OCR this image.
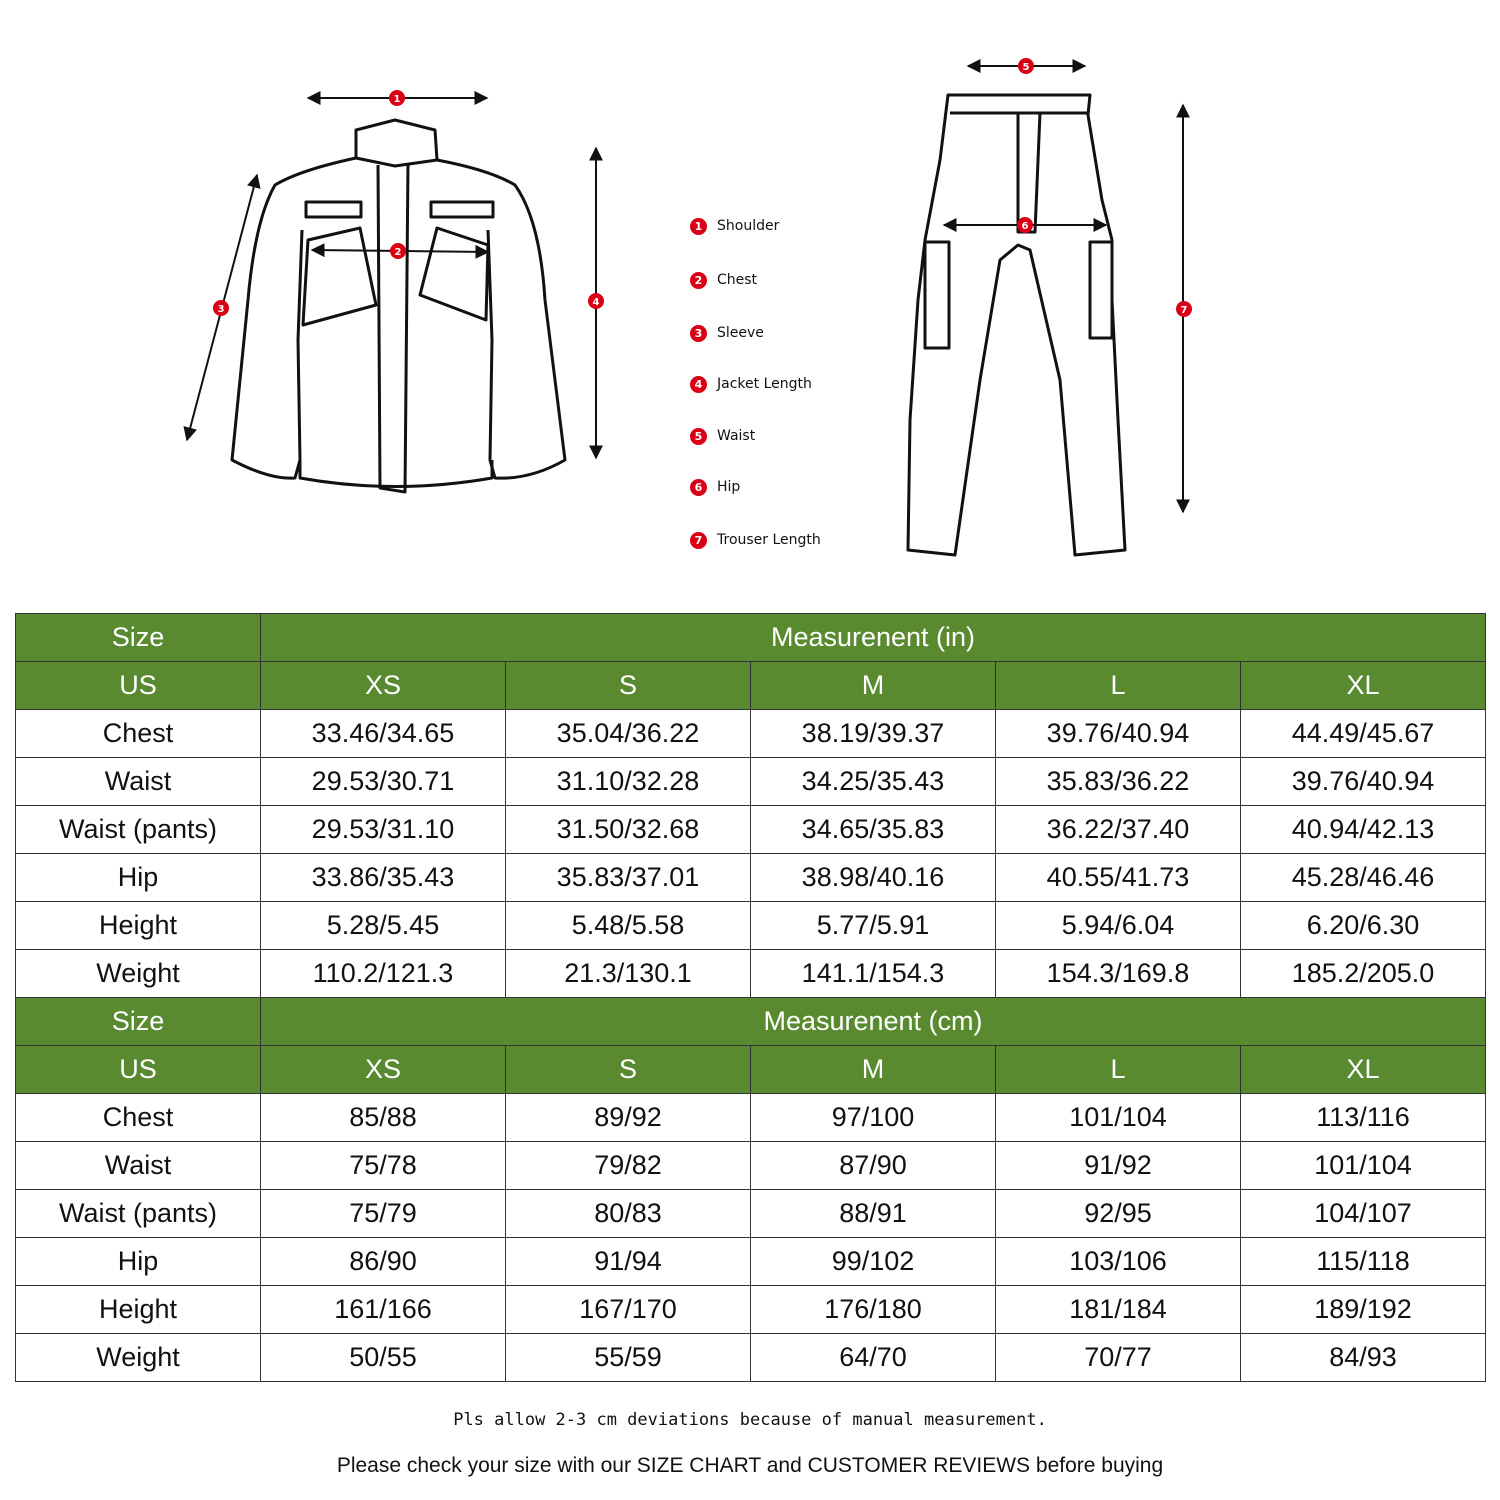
1
2
3
4
5
6
7
1	Shoulder
2	Chest
3	Sleeve
4	Jacket Length
5	Waist
6	Hip
7	Trouser Length
Size	Measurenent (in)				
US	XS	S	M	L	XL
Chest	33.46/34.65	35.04/36.22	38.19/39.37	39.76/40.94	44.49/45.67
Waist	29.53/30.71	31.10/32.28	34.25/35.43	35.83/36.22	39.76/40.94
Waist (pants)	29.53/31.10	31.50/32.68	34.65/35.83	36.22/37.40	40.94/42.13
Hip	33.86/35.43	35.83/37.01	38.98/40.16	40.55/41.73	45.28/46.46
Height	5.28/5.45	5.48/5.58	5.77/5.91	5.94/6.04	6.20/6.30
Weight	110.2/121.3	21.3/130.1	141.1/154.3	154.3/169.8	185.2/205.0
Size	Measurenent (cm)				
US	XS	S	M	L	XL
Chest	85/88	89/92	97/100	101/104	113/116
Waist	75/78	79/82	87/90	91/92	101/104
Waist (pants)	75/79	80/83	88/91	92/95	104/107
Hip	86/90	91/94	99/102	103/106	115/118
Height	161/166	167/170	176/180	181/184	189/192
Weight	50/55	55/59	64/70	70/77	84/93
Pls allow 2-3 cm deviations because of manual measurement.
Please check your size with our SIZE CHART and CUSTOMER REVIEWS before buying
